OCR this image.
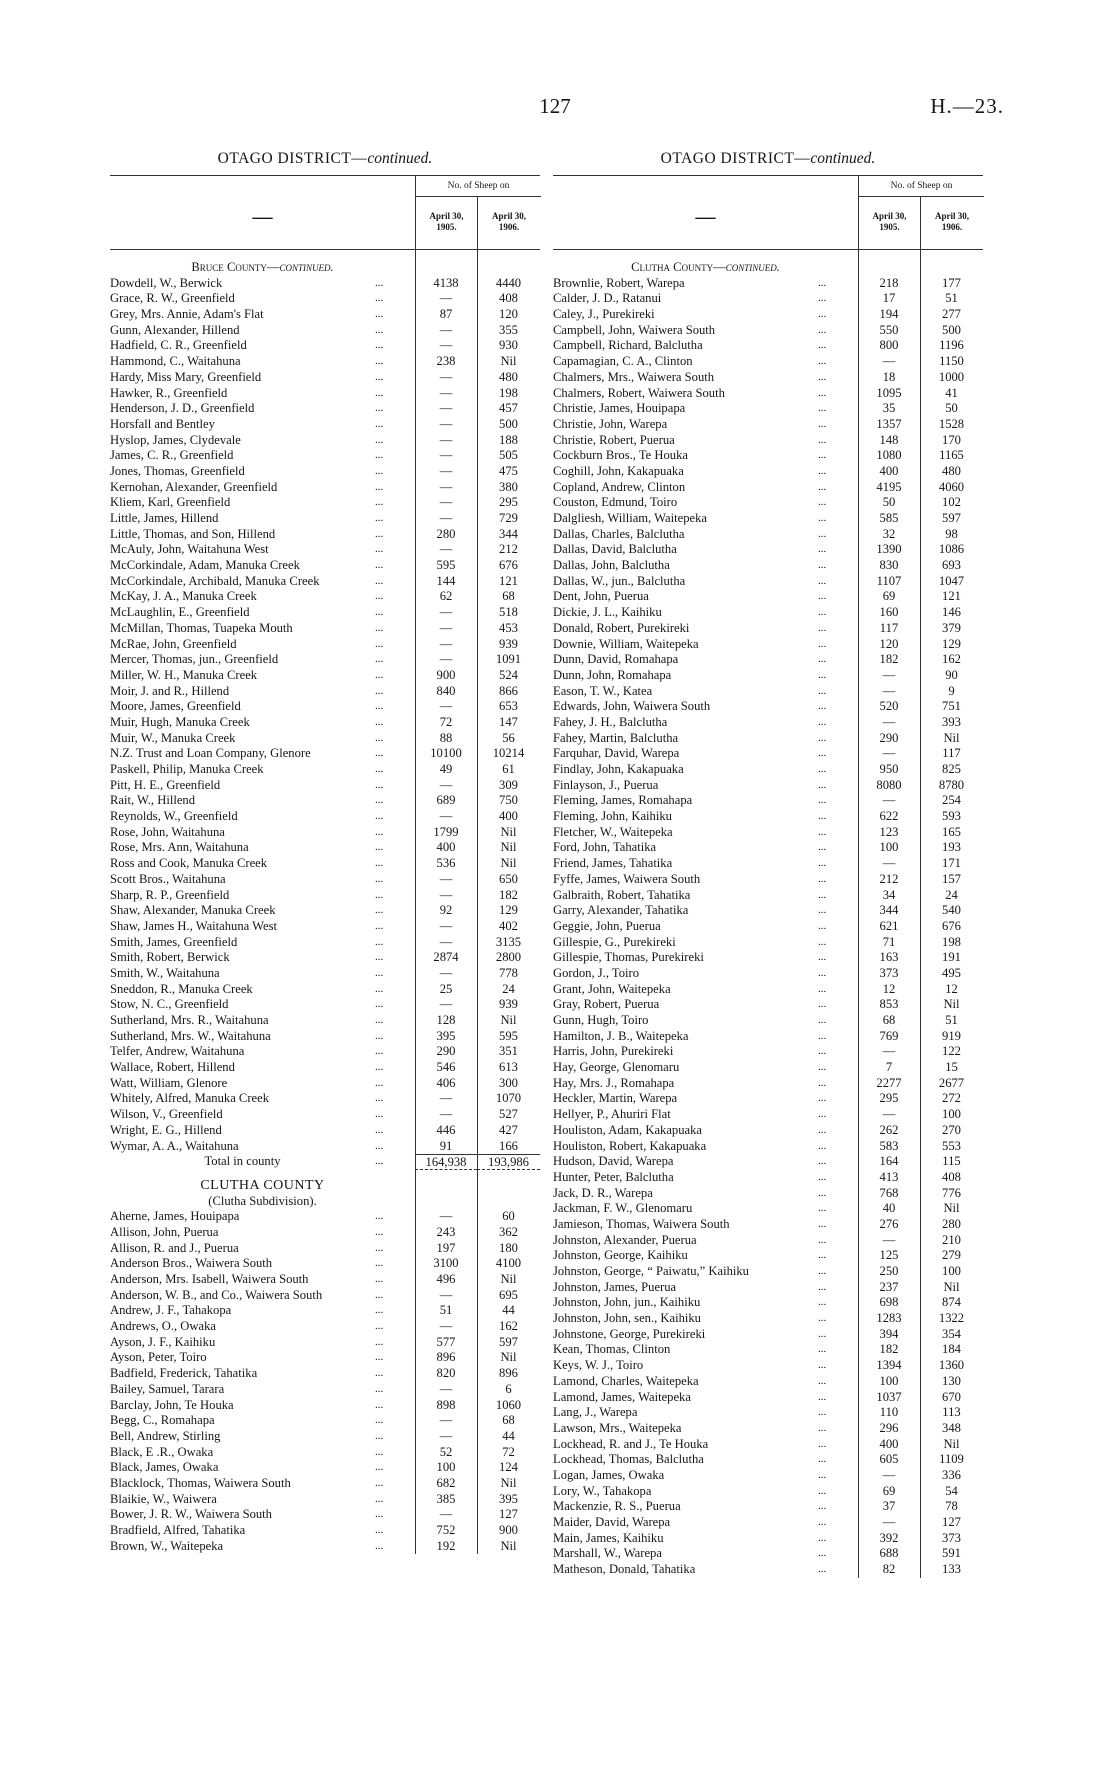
127	H.—23.
OTAGO DISTRICT—continued.
—
No. of Sheep on
April 30,
1905.
April 30,
1906.
Bruce County—continued.
Dowdell, W., Berwick	...	4138	4440
Grace, R. W., Greenfield	...	—	408
Grey, Mrs. Annie, Adam's Flat	...	87	120
Gunn, Alexander, Hillend	...	—	355
Hadfield, C. R., Greenfield	...	—	930
Hammond, C., Waitahuna	...	238	Nil
Hardy, Miss Mary, Greenfield	...	—	480
Hawker, R., Greenfield	...	—	198
Henderson, J. D., Greenfield	...	—	457
Horsfall and Bentley	...	—	500
Hyslop, James, Clydevale	...	—	188
James, C. R., Greenfield	...	—	505
Jones, Thomas, Greenfield	...	—	475
Kernohan, Alexander, Greenfield	...	—	380
Kliem, Karl, Greenfield	...	—	295
Little, James, Hillend	...	—	729
Little, Thomas, and Son, Hillend	...	280	344
McAuly, John, Waitahuna West	...	—	212
McCorkindale, Adam, Manuka Creek	...	595	676
McCorkindale, Archibald, Manuka Creek	...	144	121
McKay, J. A., Manuka Creek	...	62	68
McLaughlin, E., Greenfield	...	—	518
McMillan, Thomas, Tuapeka Mouth	...	—	453
McRae, John, Greenfield	...	—	939
Mercer, Thomas, jun., Greenfield	...	—	1091
Miller, W. H., Manuka Creek	...	900	524
Moir, J. and R., Hillend	...	840	866
Moore, James, Greenfield	...	—	653
Muir, Hugh, Manuka Creek	...	72	147
Muir, W., Manuka Creek	...	88	56
N.Z. Trust and Loan Company, Glenore	...	10100	10214
Paskell, Philip, Manuka Creek	...	49	61
Pitt, H. E., Greenfield	...	—	309
Rait, W., Hillend	...	689	750
Reynolds, W., Greenfield	...	—	400
Rose, John, Waitahuna	...	1799	Nil
Rose, Mrs. Ann, Waitahuna	...	400	Nil
Ross and Cook, Manuka Creek	...	536	Nil
Scott Bros., Waitahuna	...	—	650
Sharp, R. P., Greenfield	...	—	182
Shaw, Alexander, Manuka Creek	...	92	129
Shaw, James H., Waitahuna West	...	—	402
Smith, James, Greenfield	...	—	3135
Smith, Robert, Berwick	...	2874	2800
Smith, W., Waitahuna	...	—	778
Sneddon, R., Manuka Creek	...	25	24
Stow, N. C., Greenfield	...	—	939
Sutherland, Mrs. R., Waitahuna	...	128	Nil
Sutherland, Mrs. W., Waitahuna	...	395	595
Telfer, Andrew, Waitahuna	...	290	351
Wallace, Robert, Hillend	...	546	613
Watt, William, Glenore	...	406	300
Whitely, Alfred, Manuka Creek	...	—	1070
Wilson, V., Greenfield	...	—	527
Wright, E. G., Hillend	...	446	427
Wymar, A. A., Waitahuna	...	91	166
Total in county	...	164,938	193,986
CLUTHA COUNTY
(Clutha Subdivision).
Aherne, James, Houipapa	...	—	60
Allison, John, Puerua	...	243	362
Allison, R. and J., Puerua	...	197	180
Anderson Bros., Waiwera South	...	3100	4100
Anderson, Mrs. Isabell, Waiwera South	...	496	Nil
Anderson, W. B., and Co., Waiwera South	...	—	695
Andrew, J. F., Tahakopa	...	51	44
Andrews, O., Owaka	...	—	162
Ayson, J. F., Kaihiku	...	577	597
Ayson, Peter, Toiro	...	896	Nil
Badfield, Frederick, Tahatika	...	820	896
Bailey, Samuel, Tarara	...	—	6
Barclay, John, Te Houka	...	898	1060
Begg, C., Romahapa	...	—	68
Bell, Andrew, Stirling	...	—	44
Black, E .R., Owaka	...	52	72
Black, James, Owaka	...	100	124
Blacklock, Thomas, Waiwera South	...	682	Nil
Blaikie, W., Waiwera	...	385	395
Bower, J. R. W., Waiwera South	...	—	127
Bradfield, Alfred, Tahatika	...	752	900
Brown, W., Waitepeka	...	192	Nil
OTAGO DISTRICT—continued.
—
No. of Sheep on
April 30,
1905.
April 30,
1906.
Clutha County—continued.
Brownlie, Robert, Warepa	...	218	177
Calder, J. D., Ratanui	...	17	51
Caley, J., Purekireki	...	194	277
Campbell, John, Waiwera South	...	550	500
Campbell, Richard, Balclutha	...	800	1196
Capamagian, C. A., Clinton	...	—	1150
Chalmers, Mrs., Waiwera South	...	18	1000
Chalmers, Robert, Waiwera South	...	1095	41
Christie, James, Houipapa	...	35	50
Christie, John, Warepa	...	1357	1528
Christie, Robert, Puerua	...	148	170
Cockburn Bros., Te Houka	...	1080	1165
Coghill, John, Kakapuaka	...	400	480
Copland, Andrew, Clinton	...	4195	4060
Couston, Edmund, Toiro	...	50	102
Dalgliesh, William, Waitepeka	...	585	597
Dallas, Charles, Balclutha	...	32	98
Dallas, David, Balclutha	...	1390	1086
Dallas, John, Balclutha	...	830	693
Dallas, W., jun., Balclutha	...	1107	1047
Dent, John, Puerua	...	69	121
Dickie, J. L., Kaihiku	...	160	146
Donald, Robert, Purekireki	...	117	379
Downie, William, Waitepeka	...	120	129
Dunn, David, Romahapa	...	182	162
Dunn, John, Romahapa	...	—	90
Eason, T. W., Katea	...	—	9
Edwards, John, Waiwera South	...	520	751
Fahey, J. H., Balclutha	...	—	393
Fahey, Martin, Balclutha	...	290	Nil
Farquhar, David, Warepa	...	—	117
Findlay, John, Kakapuaka	...	950	825
Finlayson, J., Puerua	...	8080	8780
Fleming, James, Romahapa	...	—	254
Fleming, John, Kaihiku	...	622	593
Fletcher, W., Waitepeka	...	123	165
Ford, John, Tahatika	...	100	193
Friend, James, Tahatika	...	—	171
Fyffe, James, Waiwera South	...	212	157
Galbraith, Robert, Tahatika	...	34	24
Garry, Alexander, Tahatika	...	344	540
Geggie, John, Puerua	...	621	676
Gillespie, G., Purekireki	...	71	198
Gillespie, Thomas, Purekireki	...	163	191
Gordon, J., Toiro	...	373	495
Grant, John, Waitepeka	...	12	12
Gray, Robert, Puerua	...	853	Nil
Gunn, Hugh, Toiro	...	68	51
Hamilton, J. B., Waitepeka	...	769	919
Harris, John, Purekireki	...	—	122
Hay, George, Glenomaru	...	7	15
Hay, Mrs. J., Romahapa	...	2277	2677
Heckler, Martin, Warepa	...	295	272
Hellyer, P., Ahuriri Flat	...	—	100
Houliston, Adam, Kakapuaka	...	262	270
Houliston, Robert, Kakapuaka	...	583	553
Hudson, David, Warepa	...	164	115
Hunter, Peter, Balclutha	...	413	408
Jack, D. R., Warepa	...	768	776
Jackman, F. W., Glenomaru	...	40	Nil
Jamieson, Thomas, Waiwera South	...	276	280
Johnston, Alexander, Puerua	...	—	210
Johnston, George, Kaihiku	...	125	279
Johnston, George, “ Paiwatu,” Kaihiku	...	250	100
Johnston, James, Puerua	...	237	Nil
Johnston, John, jun., Kaihiku	...	698	874
Johnston, John, sen., Kaihiku	...	1283	1322
Johnstone, George, Purekireki	...	394	354
Kean, Thomas, Clinton	...	182	184
Keys, W. J., Toiro	...	1394	1360
Lamond, Charles, Waitepeka	...	100	130
Lamond, James, Waitepeka	...	1037	670
Lang, J., Warepa	...	110	113
Lawson, Mrs., Waitepeka	...	296	348
Lockhead, R. and J., Te Houka	...	400	Nil
Lockhead, Thomas, Balclutha	...	605	1109
Logan, James, Owaka	...	—	336
Lory, W., Tahakopa	...	69	54
Mackenzie, R. S., Puerua	...	37	78
Maider, David, Warepa	...	—	127
Main, James, Kaihiku	...	392	373
Marshall, W., Warepa	...	688	591
Matheson, Donald, Tahatika	...	82	133
